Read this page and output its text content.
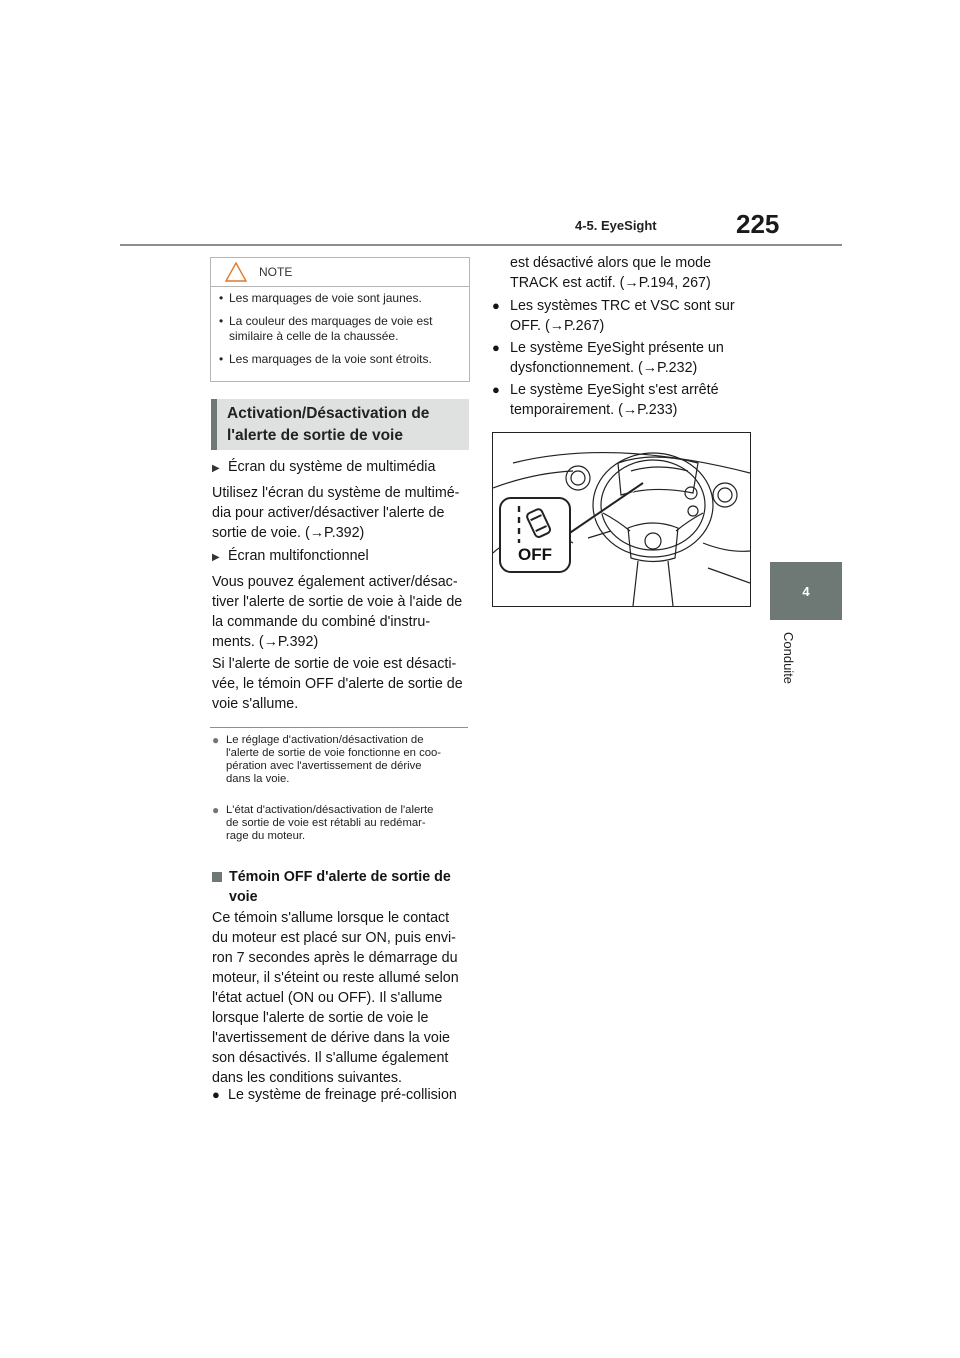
4-5. EyeSight	225
4
Conduite
NOTE
• Les marquages de voie sont jaunes.
• La couleur des marquages de voie est similaire à celle de la chaussée.
• Les marquages de la voie sont étroits.
Activation/Désactivation de
l'alerte de sortie de voie
▶ Écran du système de multimédia
Utilisez l'écran du système de multimé-
dia pour activer/désactiver l'alerte de
sortie de voie. (→P.392)
▶ Écran multifonctionnel
Vous pouvez également activer/désac-
tiver l'alerte de sortie de voie à l'aide de
la commande du combiné d'instru-
ments. (→P.392)
Si l'alerte de sortie de voie est désacti-
vée, le témoin OFF d'alerte de sortie de
voie s'allume.
● Le réglage d'activation/désactivation de
l'alerte de sortie de voie fonctionne en coo-
pération avec l'avertissement de dérive
dans la voie.
● L'état d'activation/désactivation de l'alerte
de sortie de voie est rétabli au redémar-
rage du moteur.
Témoin OFF d'alerte de sortie de
voie
Ce témoin s'allume lorsque le contact
du moteur est placé sur ON, puis envi-
ron 7 secondes après le démarrage du
moteur, il s'éteint ou reste allumé selon
l'état actuel (ON ou OFF). Il s'allume
lorsque l'alerte de sortie de voie le
l'avertissement de dérive dans la voie
son désactivés. Il s'allume également
dans les conditions suivantes.
● Le système de freinage pré-collision
est désactivé alors que le mode
TRACK est actif. (→P.194, 267)
● Les systèmes TRC et VSC sont sur
OFF. (→P.267)
● Le système EyeSight présente un
dysfonctionnement. (→P.232)
● Le système EyeSight s'est arrêté
temporairement. (→P.233)
OFF
